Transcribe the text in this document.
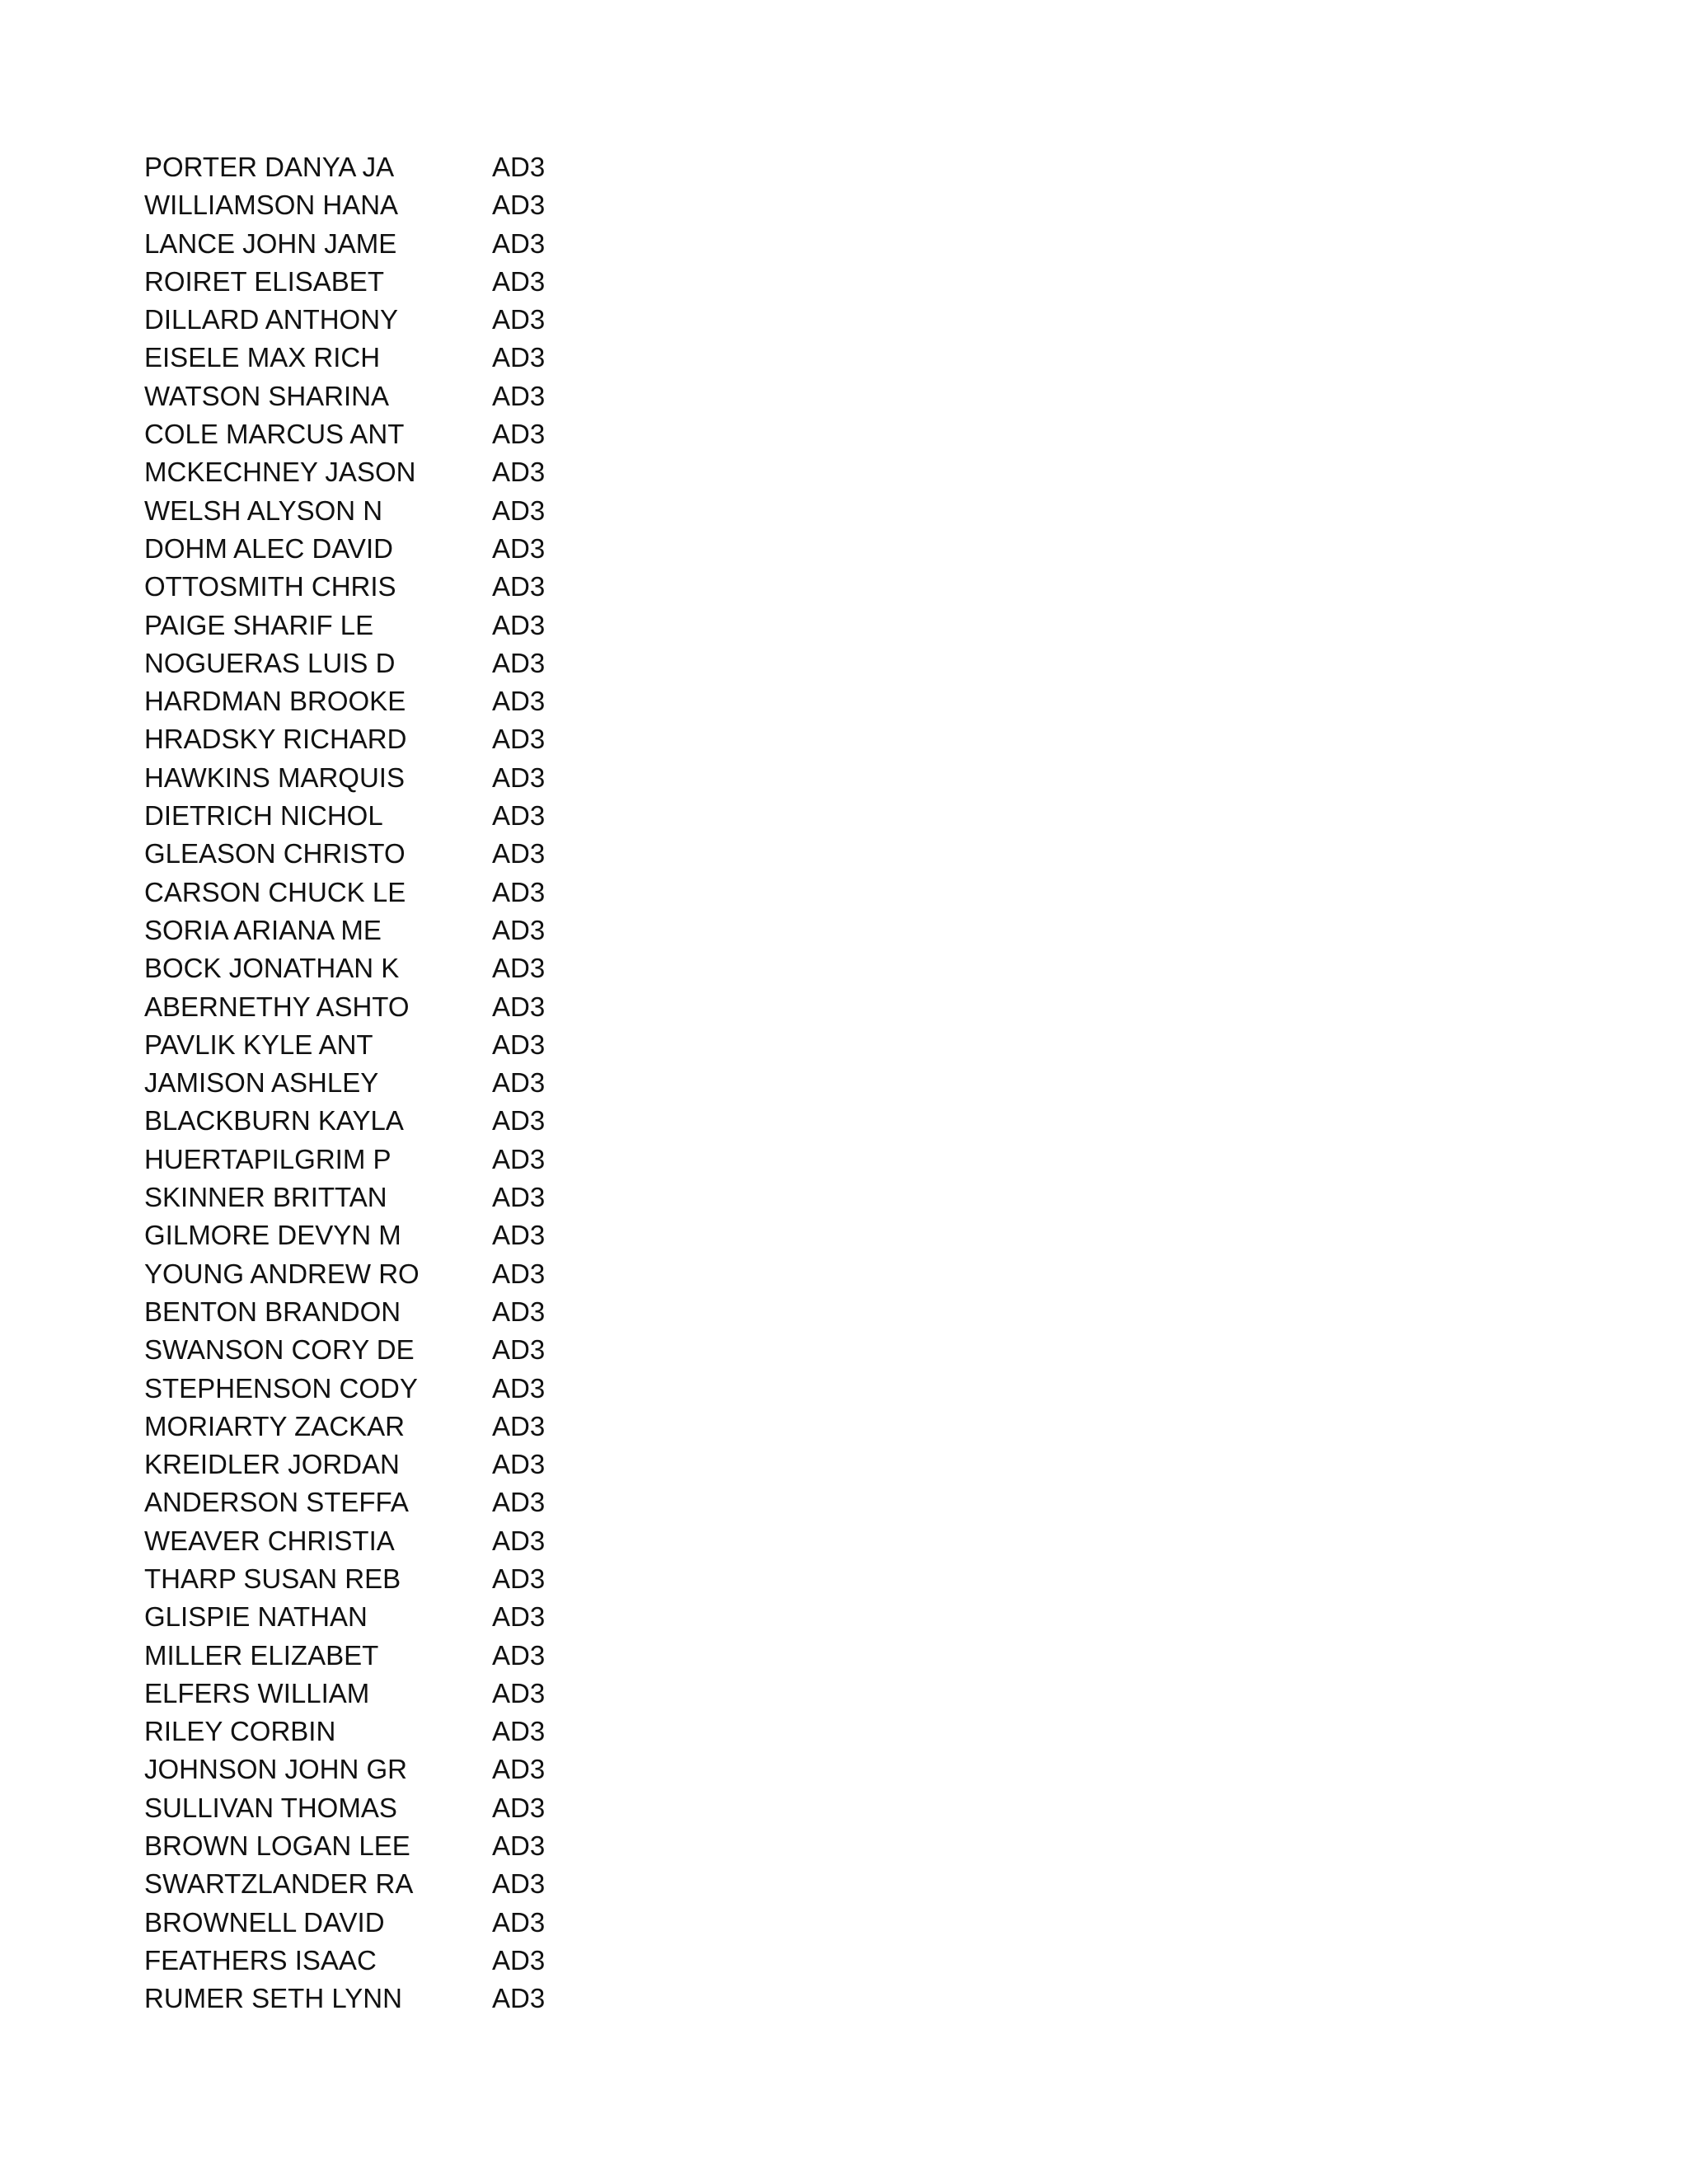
PORTER DANYA JA	AD3
WILLIAMSON HANA	AD3
LANCE JOHN JAME	AD3
ROIRET ELISABET	AD3
DILLARD ANTHONY	AD3
EISELE MAX RICH	AD3
WATSON SHARINA	AD3
COLE MARCUS ANT	AD3
MCKECHNEY JASON	AD3
WELSH ALYSON N	AD3
DOHM ALEC DAVID	AD3
OTTOSMITH CHRIS	AD3
PAIGE SHARIF LE	AD3
NOGUERAS LUIS D	AD3
HARDMAN BROOKE	AD3
HRADSKY RICHARD	AD3
HAWKINS MARQUIS	AD3
DIETRICH NICHOL	AD3
GLEASON CHRISTO	AD3
CARSON CHUCK LE	AD3
SORIA ARIANA ME	AD3
BOCK JONATHAN K	AD3
ABERNETHY ASHTO	AD3
PAVLIK KYLE ANT	AD3
JAMISON ASHLEY	AD3
BLACKBURN KAYLA	AD3
HUERTAPILGRIM P	AD3
SKINNER BRITTAN	AD3
GILMORE DEVYN M	AD3
YOUNG ANDREW RO	AD3
BENTON BRANDON	AD3
SWANSON CORY DE	AD3
STEPHENSON CODY	AD3
MORIARTY ZACKAR	AD3
KREIDLER JORDAN	AD3
ANDERSON STEFFA	AD3
WEAVER CHRISTIA	AD3
THARP SUSAN REB	AD3
GLISPIE NATHAN	AD3
MILLER ELIZABET	AD3
ELFERS WILLIAM	AD3
RILEY CORBIN	AD3
JOHNSON JOHN GR	AD3
SULLIVAN THOMAS	AD3
BROWN LOGAN LEE	AD3
SWARTZLANDER RA	AD3
BROWNELL DAVID	AD3
FEATHERS ISAAC	AD3
RUMER SETH LYNN	AD3
